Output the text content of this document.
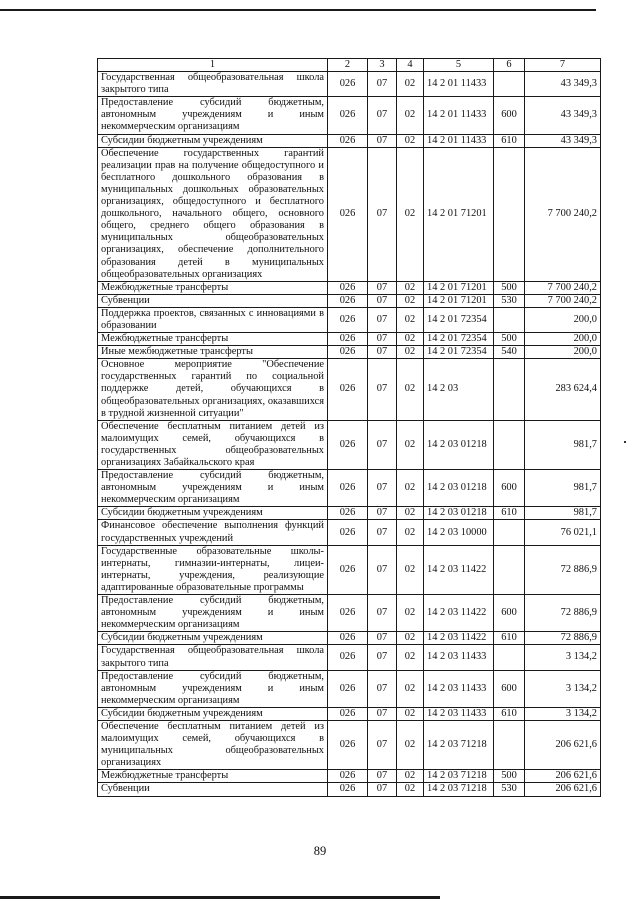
1	2	3	4	5	6	7
Государственная общеобразовательная школа закрытого типа	026	07	02	14 2 01 11433		43 349,3
Предоставление субсидий бюджетным, автономным учреждениям и иным некоммерческим организациям	026	07	02	14 2 01 11433	600	43 349,3
Субсидии бюджетным учреждениям	026	07	02	14 2 01 11433	610	43 349,3
Обеспечение государственных гарантий реализации прав на получение общедоступного и бесплатного дошкольного образования в муниципальных дошкольных образовательных организациях, общедоступного и бесплатного дошкольного, начального общего, основного общего, среднего общего образования в муниципальных общеобразовательных организациях, обеспечение дополнительного образования детей в муниципальных общеобразовательных организациях	026	07	02	14 2 01 71201		7 700 240,2
Межбюджетные трансферты	026	07	02	14 2 01 71201	500	7 700 240,2
Субвенции	026	07	02	14 2 01 71201	530	7 700 240,2
Поддержка проектов, связанных с инновациями в образовании	026	07	02	14 2 01 72354		200,0
Межбюджетные трансферты	026	07	02	14 2 01 72354	500	200,0
Иные межбюджетные трансферты	026	07	02	14 2 01 72354	540	200,0
Основное мероприятие "Обеспечение государственных гарантий по социальной поддержке детей, обучающихся в общеобразовательных организациях, оказавшихся в трудной жизненной ситуации"	026	07	02	14 2 03		283 624,4
Обеспечение бесплатным питанием детей из малоимущих семей, обучающихся в государственных общеобразовательных организациях Забайкальского края	026	07	02	14 2 03 01218		981,7
Предоставление субсидий бюджетным, автономным учреждениям и иным некоммерческим организациям	026	07	02	14 2 03 01218	600	981,7
Субсидии бюджетным учреждениям	026	07	02	14 2 03 01218	610	981,7
Финансовое обеспечение выполнения функций государственных учреждений	026	07	02	14 2 03 10000		76 021,1
Государственные образовательные школы-интернаты, гимназии-интернаты, лицеи-интернаты, учреждения, реализующие адаптированные образовательные программы	026	07	02	14 2 03 11422		72 886,9
Предоставление субсидий бюджетным, автономным учреждениям и иным некоммерческим организациям	026	07	02	14 2 03 11422	600	72 886,9
Субсидии бюджетным учреждениям	026	07	02	14 2 03 11422	610	72 886,9
Государственная общеобразовательная школа закрытого типа	026	07	02	14 2 03 11433		3 134,2
Предоставление субсидий бюджетным, автономным учреждениям и иным некоммерческим организациям	026	07	02	14 2 03 11433	600	3 134,2
Субсидии бюджетным учреждениям	026	07	02	14 2 03 11433	610	3 134,2
Обеспечение бесплатным питанием детей из малоимущих семей, обучающихся в муниципальных общеобразовательных организациях	026	07	02	14 2 03 71218		206 621,6
Межбюджетные трансферты	026	07	02	14 2 03 71218	500	206 621,6
Субвенции	026	07	02	14 2 03 71218	530	206 621,6
89
